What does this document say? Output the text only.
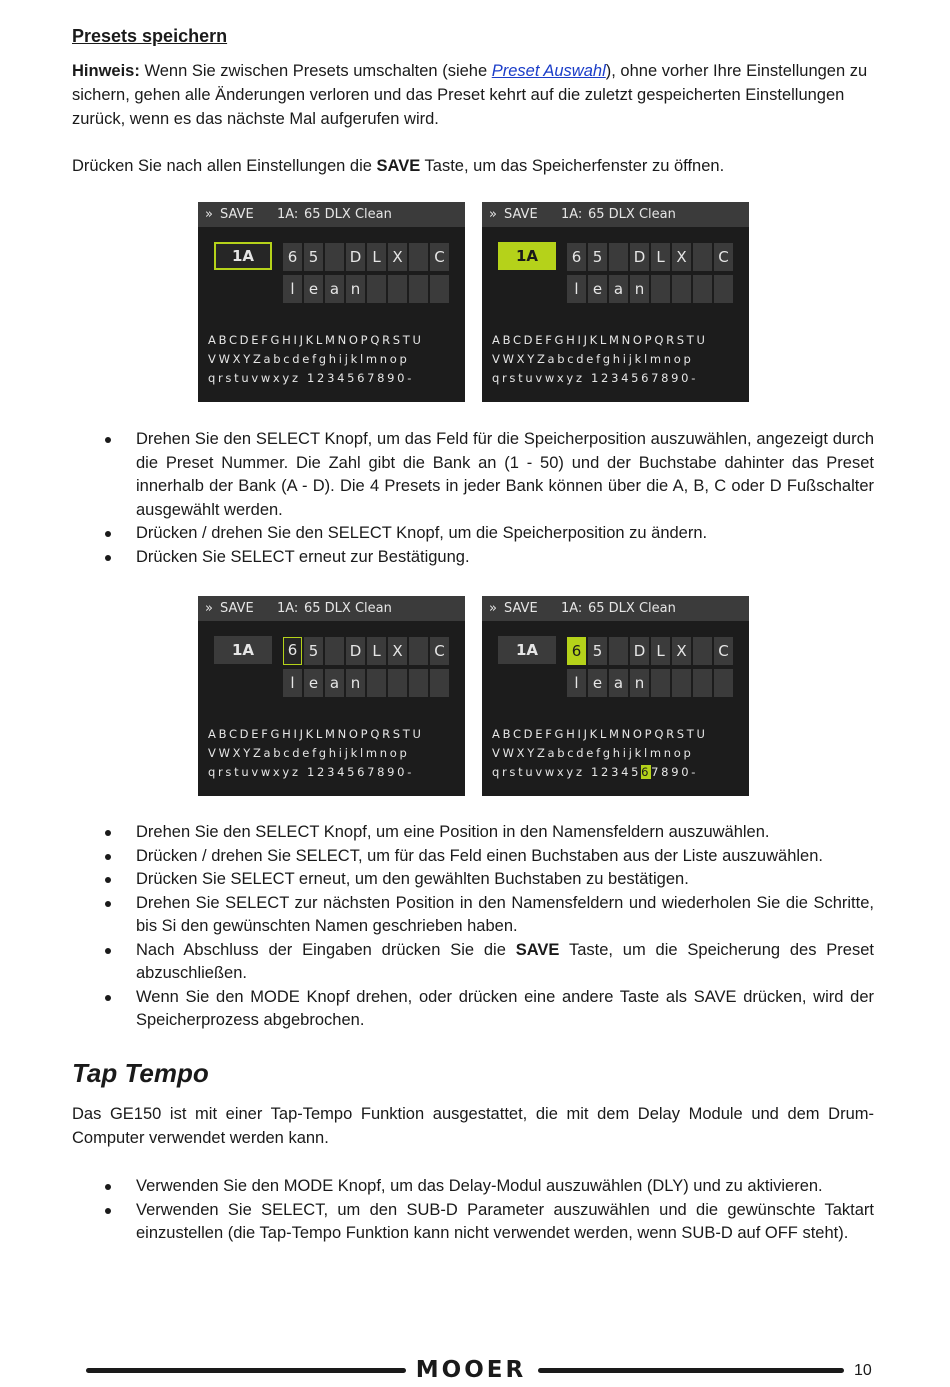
Presets speichern
Hinweis: Wenn Sie zwischen Presets umschalten (siehe Preset Auswahl), ohne vorher Ihre Einstellungen zu sichern, gehen alle Änderungen verloren und das Preset kehrt auf die zuletzt gespeicherten Einstellungen zurück, wenn es das nächste Mal aufgerufen wird.
Drücken Sie nach allen Einstellungen die SAVE Taste, um das Speicherfenster zu öffnen.
» SAVE 1A: 65 DLX Clean
1A	6 5	D L X C
l e a n
ABCDEFGHIJKLMNOPQRSTU
VWXYZabcdefghijklmnop
qrstuvwxyz 1234567890-
» SAVE 1A: 65 DLX Clean
1A	6 5	D L X C
l e a n
ABCDEFGHIJKLMNOPQRSTU
VWXYZabcdefghijklmnop
qrstuvwxyz 1234567890-
Drehen Sie den SELECT Knopf, um das Feld für die Speicherposition auszuwählen, angezeigt durch die Preset Nummer. Die Zahl gibt die Bank an (1 - 50) und der Buchstabe dahinter das Preset innerhalb der Bank (A - D). Die 4 Presets in jeder Bank können über die A, B, C oder D Fußschalter ausgewählt werden.
Drücken / drehen Sie den SELECT Knopf, um die Speicherposition zu ändern.
Drücken Sie SELECT erneut zur Bestätigung.
» SAVE 1A: 65 DLX Clean
1A	6 5	D L X C
l e a n
ABCDEFGHIJKLMNOPQRSTU
VWXYZabcdefghijklmnop
qrstuvwxyz 1234567890-
» SAVE 1A: 65 DLX Clean
1A	6 5	D L X C
l e a n
ABCDEFGHIJKLMNOPQRSTU
VWXYZabcdefghijklmnop
qrstuvwxyz 1234567890-
Drehen Sie den SELECT Knopf, um eine Position in den Namensfeldern auszuwählen.
Drücken / drehen Sie SELECT, um für das Feld einen Buchstaben aus der Liste auszuwählen.
Drücken Sie SELECT erneut, um den gewählten Buchstaben zu bestätigen.
Drehen Sie SELECT zur nächsten Position in den Namensfeldern und wiederholen Sie die Schritte, bis Si den gewünschten Namen geschrieben haben.
Nach Abschluss der Eingaben drücken Sie die SAVE Taste, um die Speicherung des Preset abzuschließen.
Wenn Sie den MODE Knopf drehen, oder drücken eine andere Taste als SAVE drücken, wird der Speicherprozess abgebrochen.
Tap Tempo
Das GE150 ist mit einer Tap-Tempo Funktion ausgestattet, die mit dem Delay Module und dem Drum-Computer verwendet werden kann.
Verwenden Sie den MODE Knopf, um das Delay-Modul auszuwählen (DLY) und zu aktivieren.
Verwenden Sie SELECT, um den SUB-D Parameter auszuwählen und die gewünschte Taktart einzustellen (die Tap-Tempo Funktion kann nicht verwendet werden, wenn SUB-D auf OFF steht).
MOOER	10
